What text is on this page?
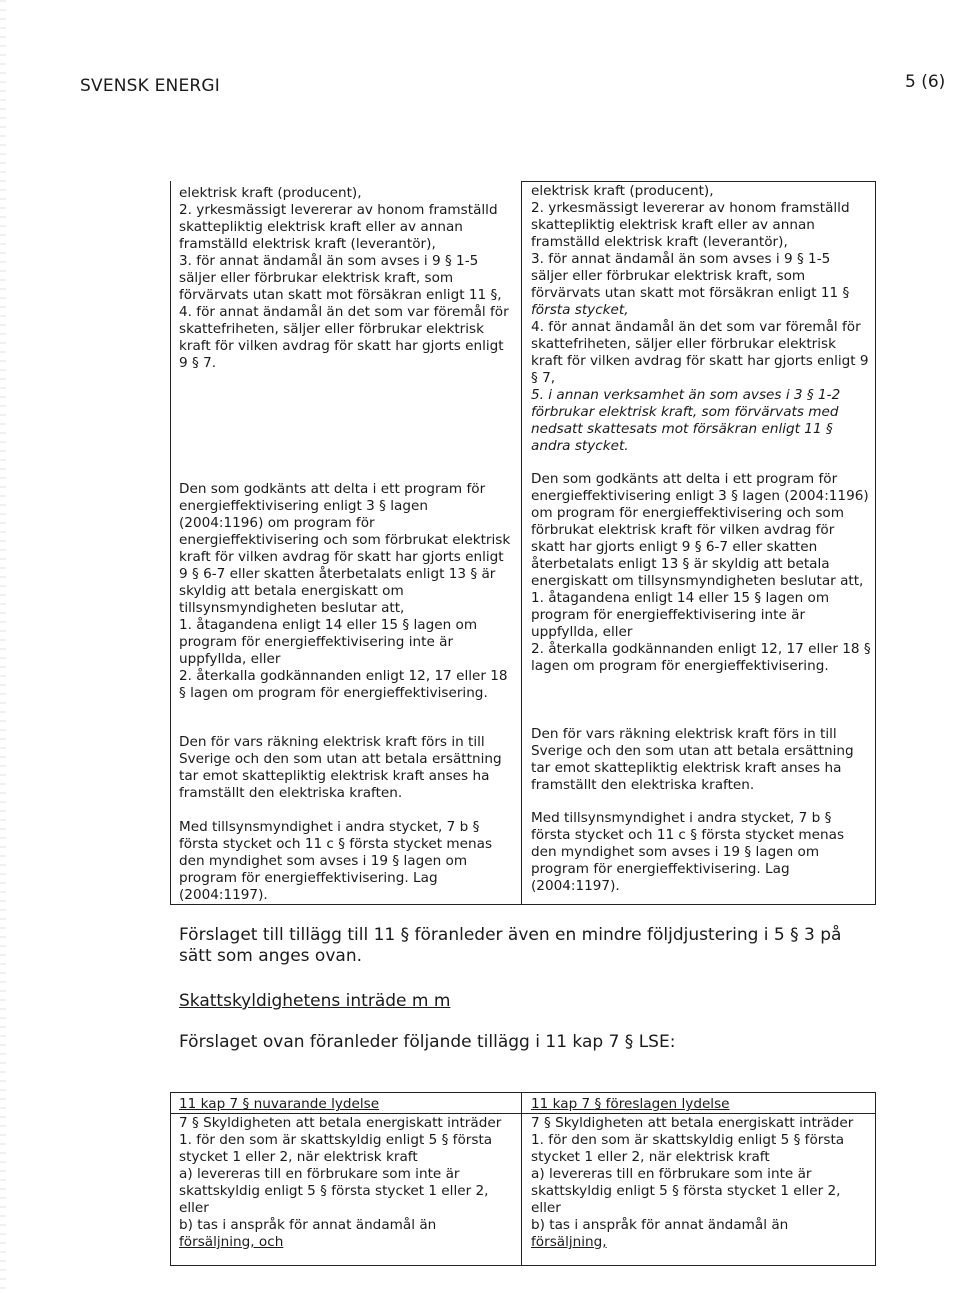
SVENSK ENERGI	5 (6)
elektrisk kraft (producent),
2. yrkesmässigt levererar av honom framställd skattepliktig elektrisk kraft eller av annan framställd elektrisk kraft (leverantör),
3. för annat ändamål än som avses i 9 § 1-5 säljer eller förbrukar elektrisk kraft, som förvärvats utan skatt mot försäkran enligt 11 §,
4. för annat ändamål än det som var föremål för skattefriheten, säljer eller förbrukar elektrisk kraft för vilken avdrag för skatt har gjorts enligt 9 § 7.
elektrisk kraft (producent),
2. yrkesmässigt levererar av honom framställd skattepliktig elektrisk kraft eller av annan framställd elektrisk kraft (leverantör),
3. för annat ändamål än som avses i 9 § 1-5 säljer eller förbrukar elektrisk kraft, som förvärvats utan skatt mot försäkran enligt 11 §
första stycket,
4. för annat ändamål än det som var föremål för skattefriheten, säljer eller förbrukar elektrisk kraft för vilken avdrag för skatt har gjorts enligt 9 § 7,
5. i annan verksamhet än som avses i 3 § 1-2 förbrukar elektrisk kraft, som förvärvats med nedsatt skattesats mot försäkran enligt 11 § andra stycket.
Den som godkänts att delta i ett program för energieffektivisering enligt 3 § lagen (2004:1196) om program för energieffektivisering och som förbrukat elektrisk kraft för vilken avdrag för skatt har gjorts enligt 9 § 6-7 eller skatten återbetalats enligt 13 § är skyldig att betala energiskatt om tillsynsmyndigheten beslutar att,
1. åtagandena enligt 14 eller 15 § lagen om program för energieffektivisering inte är uppfyllda, eller
2. återkalla godkännanden enligt 12, 17 eller 18 § lagen om program för energieffektivisering.
Den som godkänts att delta i ett program för energieffektivisering enligt 3 § lagen (2004:1196) om program för energieffektivisering och som förbrukat elektrisk kraft för vilken avdrag för skatt har gjorts enligt 9 § 6-7 eller skatten återbetalats enligt 13 § är skyldig att betala energiskatt om tillsynsmyndigheten beslutar att,
1. åtagandena enligt 14 eller 15 § lagen om program för energieffektivisering inte är uppfyllda, eller
2. återkalla godkännanden enligt 12, 17 eller 18 § lagen om program för energieffektivisering.
Den för vars räkning elektrisk kraft förs in till Sverige och den som utan att betala ersättning tar emot skattepliktig elektrisk kraft anses ha framställt den elektriska kraften.
Den för vars räkning elektrisk kraft förs in till Sverige och den som utan att betala ersättning tar emot skattepliktig elektrisk kraft anses ha framställt den elektriska kraften.
Med tillsynsmyndighet i andra stycket, 7 b § första stycket och 11 c § första stycket menas den myndighet som avses i 19 § lagen om program för energieffektivisering. Lag (2004:1197).
Med tillsynsmyndighet i andra stycket, 7 b § första stycket och 11 c § första stycket menas den myndighet som avses i 19 § lagen om program för energieffektivisering. Lag (2004:1197).
Förslaget till tillägg till 11 § föranleder även en mindre följdjustering i 5 § 3 på sätt som anges ovan.
Skattskyldighetens inträde m m
Förslaget ovan föranleder följande tillägg i 11 kap 7 § LSE:
11 kap 7 § nuvarande lydelse	11 kap 7 § föreslagen lydelse
7 § Skyldigheten att betala energiskatt inträder
1. för den som är skattskyldig enligt 5 § första stycket 1 eller 2, när elektrisk kraft
a) levereras till en förbrukare som inte är skattskyldig enligt 5 § första stycket 1 eller 2, eller
b) tas i anspråk för annat ändamål än
försäljning, och
7 § Skyldigheten att betala energiskatt inträder
1. för den som är skattskyldig enligt 5 § första stycket 1 eller 2, när elektrisk kraft
a) levereras till en förbrukare som inte är skattskyldig enligt 5 § första stycket 1 eller 2, eller
b) tas i anspråk för annat ändamål än
försäljning,
